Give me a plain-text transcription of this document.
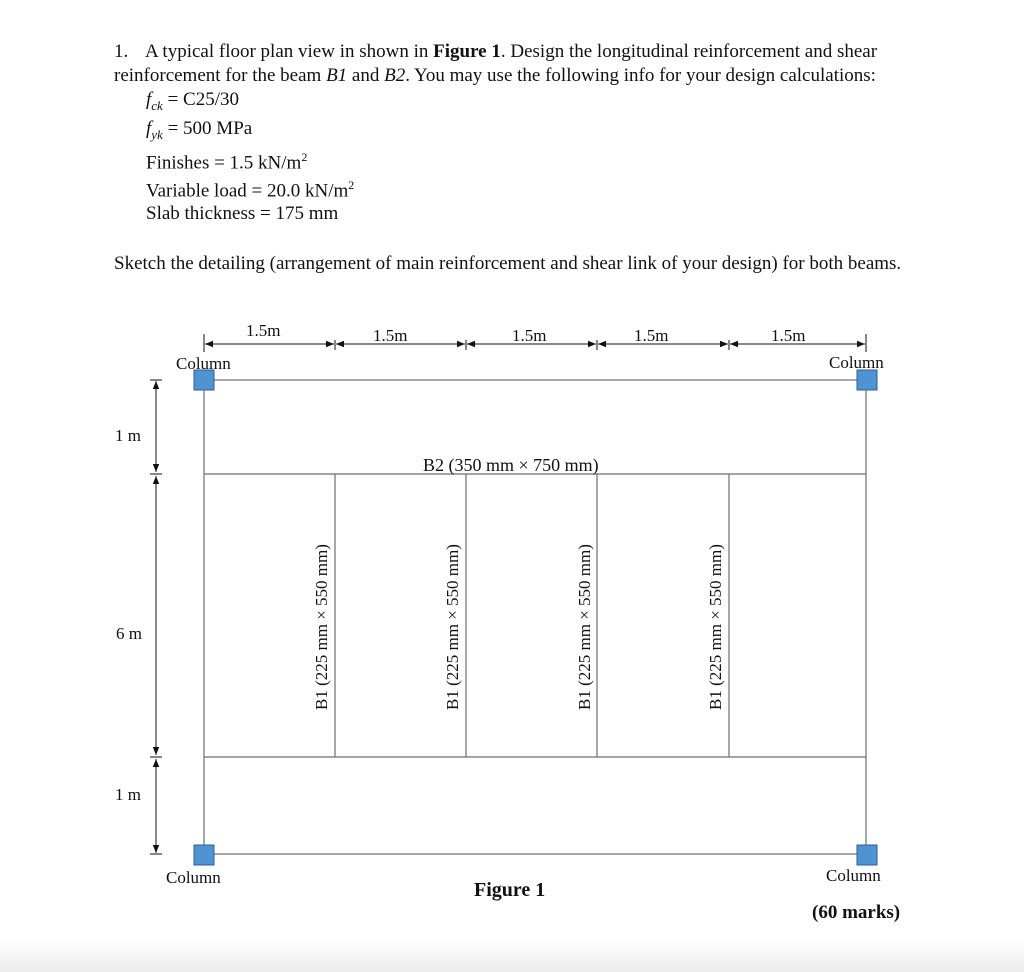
1. A typical floor plan view in shown in Figure 1. Design the longitudinal reinforcement and shear reinforcement for the beam B1 and B2. You may use the following info for your design calculations:

$f_{ck} = C25/30$
$f_{yk} = 500$ MPa
Finishes = 1.5 $kN/m^2$
Variable load = 20.0 $kN/m^2$
Slab thickness = 175 mm

Sketch the detailing (arrangement of main reinforcement and shear link of your design) for both beams.

1.5m	1.5m	1.5m	1.5m	1.5m
1 m
6 m
1 m
Column	Column
Column	Column
B2 (350 mm × 750 mm)
B1 (225 mm × 550 mm)	B1 (225 mm × 550 mm)	B1 (225 mm × 550 mm)	B1 (225 mm × 550 mm)

Figure 1

(60 marks)
